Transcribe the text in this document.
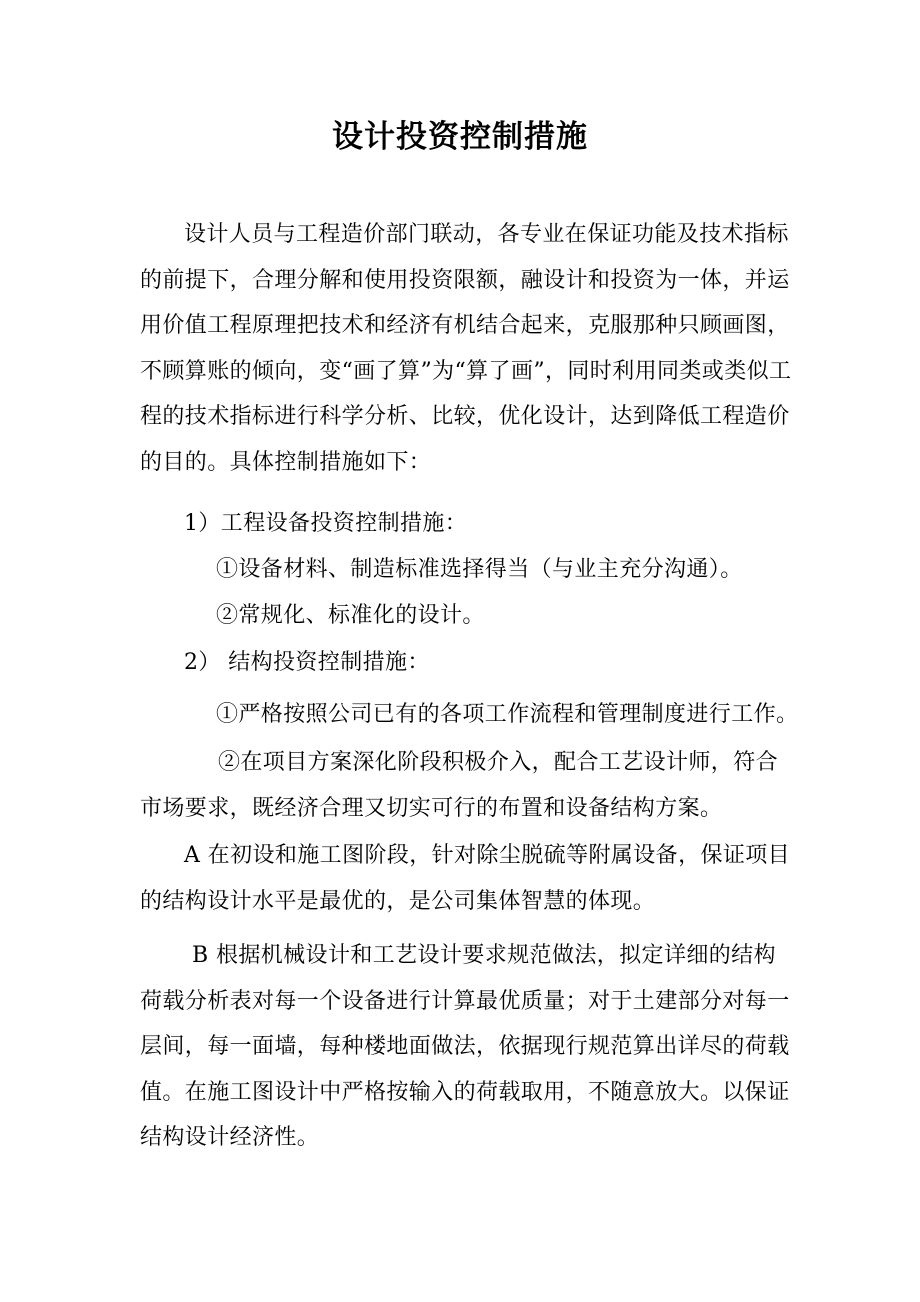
设计投资控制措施
设计人员与工程造价部门联动，各专业在保证功能及技术指标的前提下，合理分解和使用投资限额，融设计和投资为一体，并运用价值工程原理把技术和经济有机结合起来，克服那种只顾画图，不顾算账的倾向，变“画了算”为“算了画”，同时利用同类或类似工程的技术指标进行科学分析、比较，优化设计，达到降低工程造价的目的。具体控制措施如下：
1）工程设备投资控制措施：
①设备材料、制造标准选择得当（与业主充分沟通）。
②常规化、标准化的设计。
2） 结构投资控制措施：
①严格按照公司已有的各项工作流程和管理制度进行工作。
②在项目方案深化阶段积极介入，配合工艺设计师，符合市场要求，既经济合理又切实可行的布置和设备结构方案。
A 在初设和施工图阶段，针对除尘脱硫等附属设备，保证项目的结构设计水平是最优的，是公司集体智慧的体现。
B 根据机械设计和工艺设计要求规范做法，拟定详细的结构荷载分析表对每一个设备进行计算最优质量；对于土建部分对每一层间，每一面墙，每种楼地面做法，依据现行规范算出详尽的荷载值。在施工图设计中严格按输入的荷载取用，不随意放大。以保证结构设计经济性。
